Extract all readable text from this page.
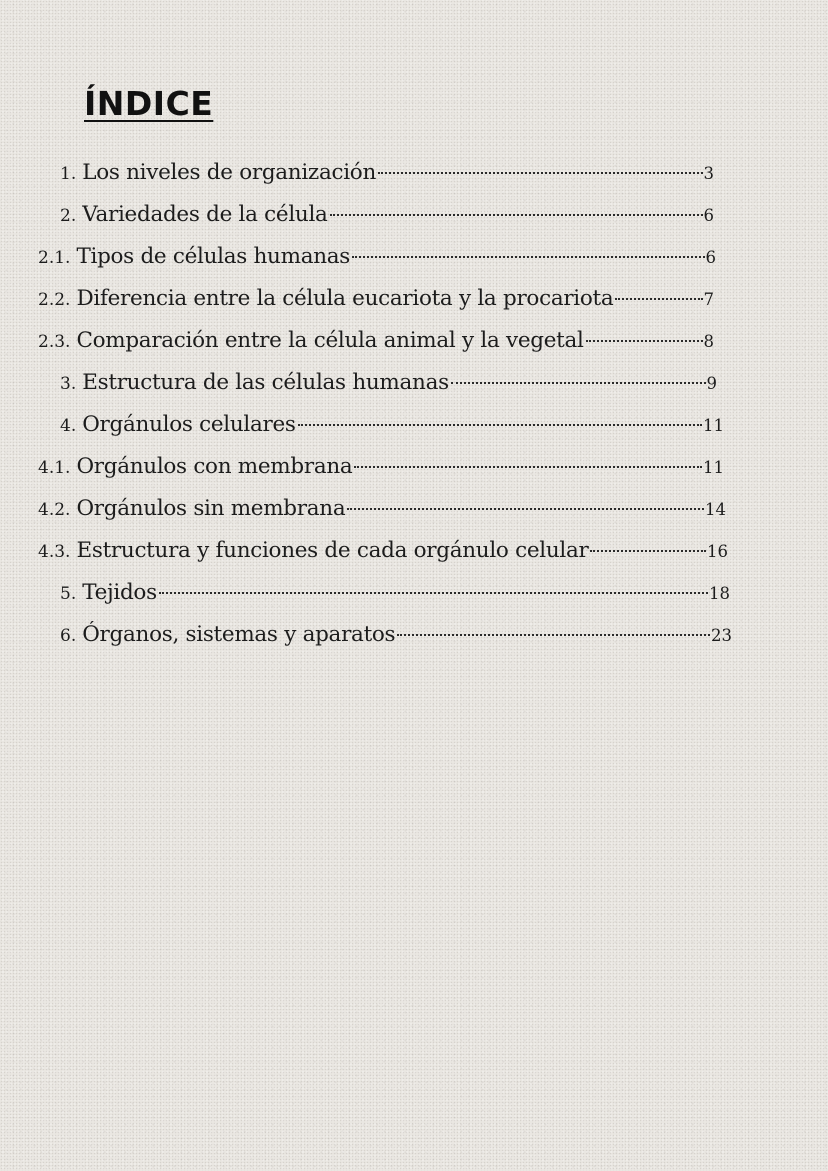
ÍNDICE
1. Los niveles de organización	3
2. Variedades de la célula	6
2.1. Tipos de células humanas	6
2.2. Diferencia entre la célula eucariota y la procariota	7
2.3. Comparación entre la célula animal y la vegetal	8
3. Estructura de las células humanas	9
4. Orgánulos celulares	11
4.1. Orgánulos con membrana	11
4.2. Orgánulos sin membrana	14
4.3. Estructura y funciones de cada orgánulo celular	16
5. Tejidos	18
6. Órganos, sistemas y aparatos	23
